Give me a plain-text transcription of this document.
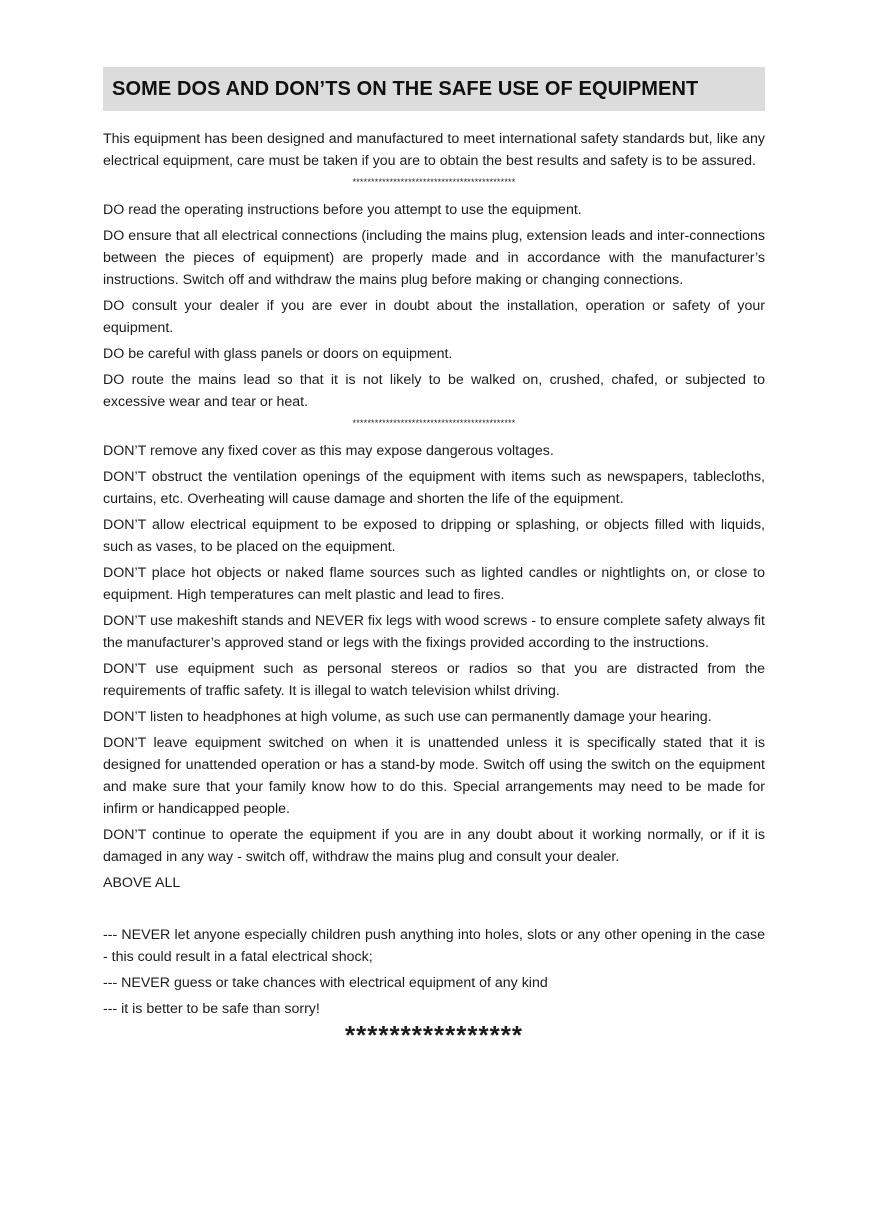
SOME DOS AND DON’TS ON THE SAFE USE OF EQUIPMENT

This equipment has been designed and manufactured to meet international safety standards but, like any electrical equipment, care must be taken if you are to obtain the best results and safety is to be assured.

********************************************

DO read the operating instructions before you attempt to use the equipment.

DO ensure that all electrical connections (including the mains plug, extension leads and inter-connections between the pieces of equipment) are properly made and in accordance with the manufacturer’s instructions. Switch off and withdraw the mains plug before making or changing connections.

DO consult your dealer if you are ever in doubt about the installation, operation or safety of your equipment.

DO be careful with glass panels or doors on equipment.

DO route the mains lead so that it is not likely to be walked on, crushed, chafed, or subjected to excessive wear and tear or heat.

********************************************

DON’T remove any fixed cover as this may expose dangerous voltages.

DON’T obstruct the ventilation openings of the equipment with items such as newspapers, tablecloths, curtains, etc. Overheating will cause damage and shorten the life of the equipment.

DON’T allow electrical equipment to be exposed to dripping or splashing, or objects filled with liquids, such as vases, to be placed on the equipment.

DON’T place hot objects or naked flame sources such as lighted candles or nightlights on, or close to equipment. High temperatures can melt plastic and lead to fires.

DON’T use makeshift stands and NEVER fix legs with wood screws - to ensure complete safety always fit the manufacturer’s approved stand or legs with the fixings provided according to the instructions.

DON’T use equipment such as personal stereos or radios so that you are distracted from the requirements of traffic safety. It is illegal to watch television whilst driving.

DON’T listen to headphones at high volume, as such use can permanently damage your hearing.

DON’T leave equipment switched on when it is unattended unless it is specifically stated that it is designed for unattended operation or has a stand-by mode. Switch off using the switch on the equipment and make sure that your family know how to do this. Special arrangements may need to be made for infirm or handicapped people.

DON’T continue to operate the equipment if you are in any doubt about it working normally, or if it is damaged in any way - switch off, withdraw the mains plug and consult your dealer.

ABOVE ALL

--- NEVER let anyone especially children push anything into holes, slots or any other opening in the case - this could result in a fatal electrical shock;

--- NEVER guess or take chances with electrical equipment of any kind

--- it is better to be safe than sorry!

****************
